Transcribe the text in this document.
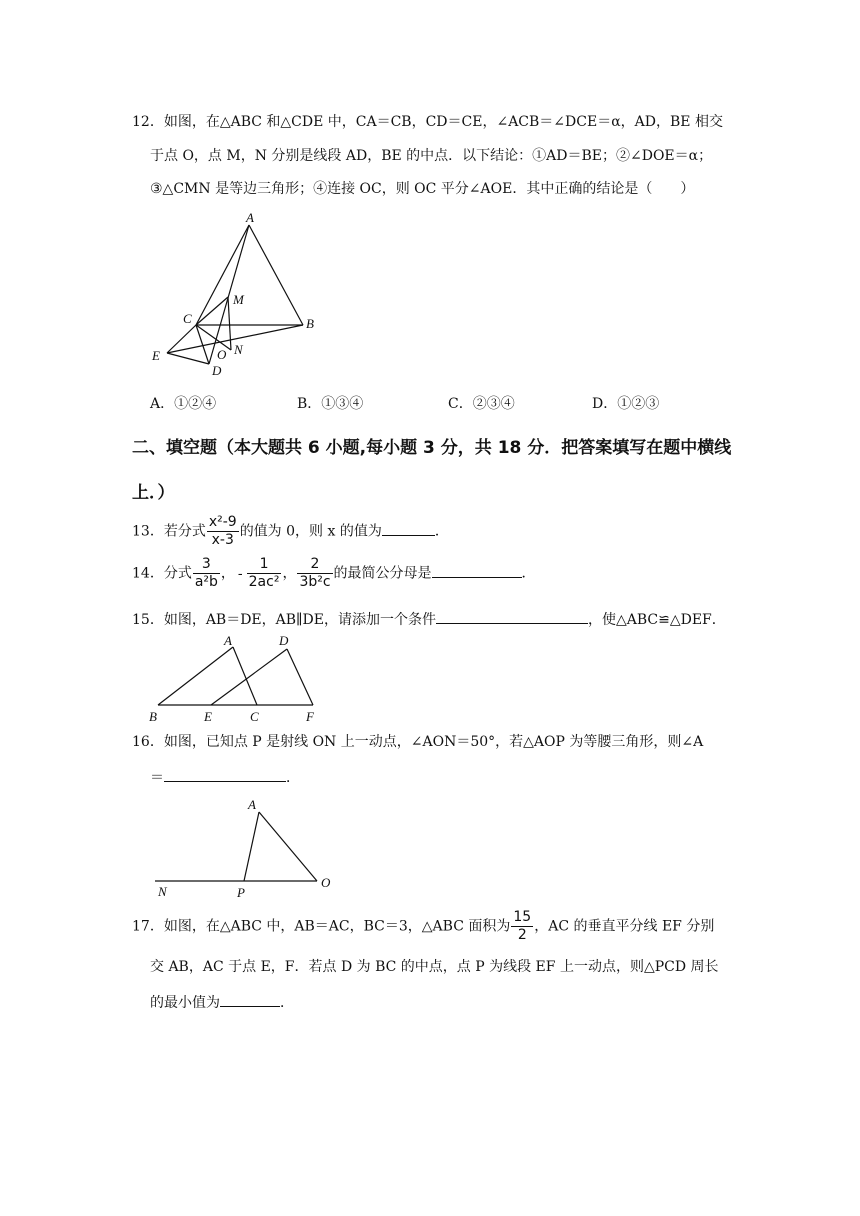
12．如图，在△ABC 和△CDE 中，CA＝CB，CD＝CE，∠ACB＝∠DCE＝α，AD，BE 相交
于点 O，点 M，N 分别是线段 AD，BE 的中点．以下结论：①AD＝BE；②∠DOE＝α；
③△CMN 是等边三角形；④连接 OC，则 OC 平分∠AOE．其中正确的结论是（　　）
A
M
C	B
E	O N
D
A．①②④	B．①③④	C．②③④	D．①②③
二、填空题（本大题共 6 小题,每小题 3 分，共 18 分．把答案填写在题中横线
上．）
13．若分式 $\frac{\text{x²-9}}{x-3}$ 的值为 0，则 x 的值为	．
14．分式 $\frac{3}{\text{a²b}}$ ， - $\frac{1}{\text{2ac²}}$ ， $\frac{2}{\text{3b²c}}$ 的最简公分母是	．
15．如图，AB＝DE，AB∥DE，请添加一个条件	，使△ABC≌△DEF．
A	D
B	E	C	F
16．如图，已知点 P 是射线 ON 上一动点，∠AON＝50°，若△AOP 为等腰三角形，则∠A
＝	．
A
N	P
O
17．如图，在△ABC 中，AB＝AC，BC＝3，△ABC 面积为 $\frac{15}{2}$ ，AC 的垂直平分线 EF 分别
交 AB，AC 于点 E，F．若点 D 为 BC 的中点，点 P 为线段 EF 上一动点，则△PCD 周长
的最小值为	．
